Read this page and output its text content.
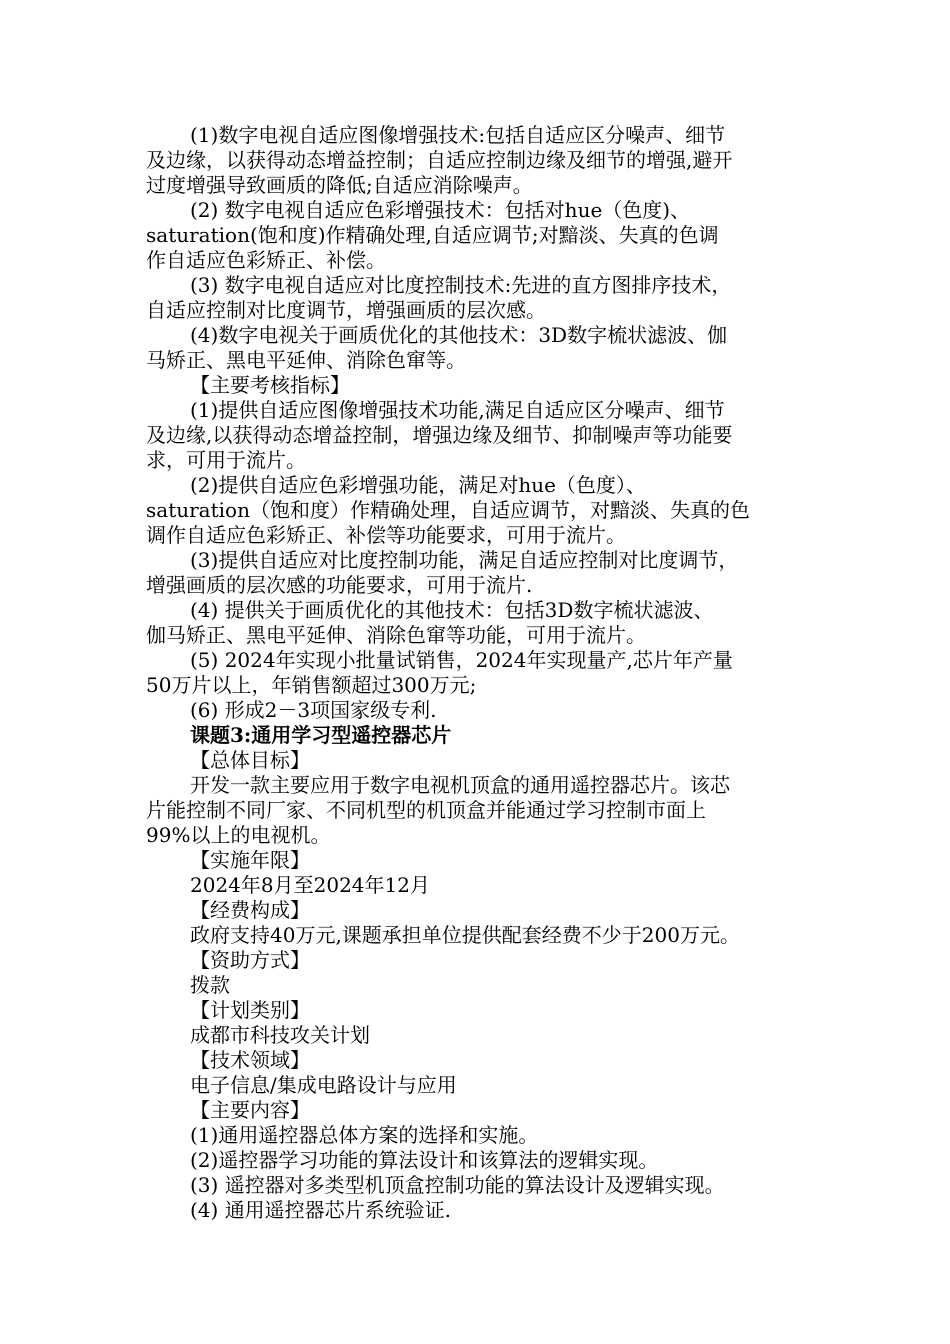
(1)数字电视自适应图像增强技术:包括自适应区分噪声、细节

及边缘，以获得动态增益控制；自适应控制边缘及细节的增强,避开

过度增强导致画质的降低;自适应消除噪声。

(2) 数字电视自适应色彩增强技术：包括对hue（色度)、

saturation(饱和度)作精确处理,自适应调节;对黯淡、失真的色调

作自适应色彩矫正、补偿。

(3) 数字电视自适应对比度控制技术:先进的直方图排序技术，

自适应控制对比度调节，增强画质的层次感。

(4)数字电视关于画质优化的其他技术：3D数字梳状滤波、伽

马矫正、黑电平延伸、消除色窜等。

【主要考核指标】

(1)提供自适应图像增强技术功能,满足自适应区分噪声、细节

及边缘,以获得动态增益控制，增强边缘及细节、抑制噪声等功能要

求，可用于流片。

(2)提供自适应色彩增强功能，满足对hue（色度）、

saturation（饱和度）作精确处理，自适应调节，对黯淡、失真的色

调作自适应色彩矫正、补偿等功能要求，可用于流片。

(3)提供自适应对比度控制功能，满足自适应控制对比度调节，

增强画质的层次感的功能要求，可用于流片.

(4) 提供关于画质优化的其他技术：包括3D数字梳状滤波、

伽马矫正、黑电平延伸、消除色窜等功能，可用于流片。

(5) 2024年实现小批量试销售，2024年实现量产,芯片年产量

50万片以上，年销售额超过300万元;

(6) 形成2－3项国家级专利.

课题3:通用学习型遥控器芯片

【总体目标】

开发一款主要应用于数字电视机顶盒的通用遥控器芯片。该芯

片能控制不同厂家、不同机型的机顶盒并能通过学习控制市面上

99%以上的电视机。

【实施年限】

2024年8月至2024年12月

【经费构成】

政府支持40万元,课题承担单位提供配套经费不少于200万元。

【资助方式】

拨款

【计划类别】

成都市科技攻关计划

【技术领域】

电子信息/集成电路设计与应用

【主要内容】

(1)通用遥控器总体方案的选择和实施。

(2)遥控器学习功能的算法设计和该算法的逻辑实现。

(3) 遥控器对多类型机顶盒控制功能的算法设计及逻辑实现。

(4) 通用遥控器芯片系统验证.
